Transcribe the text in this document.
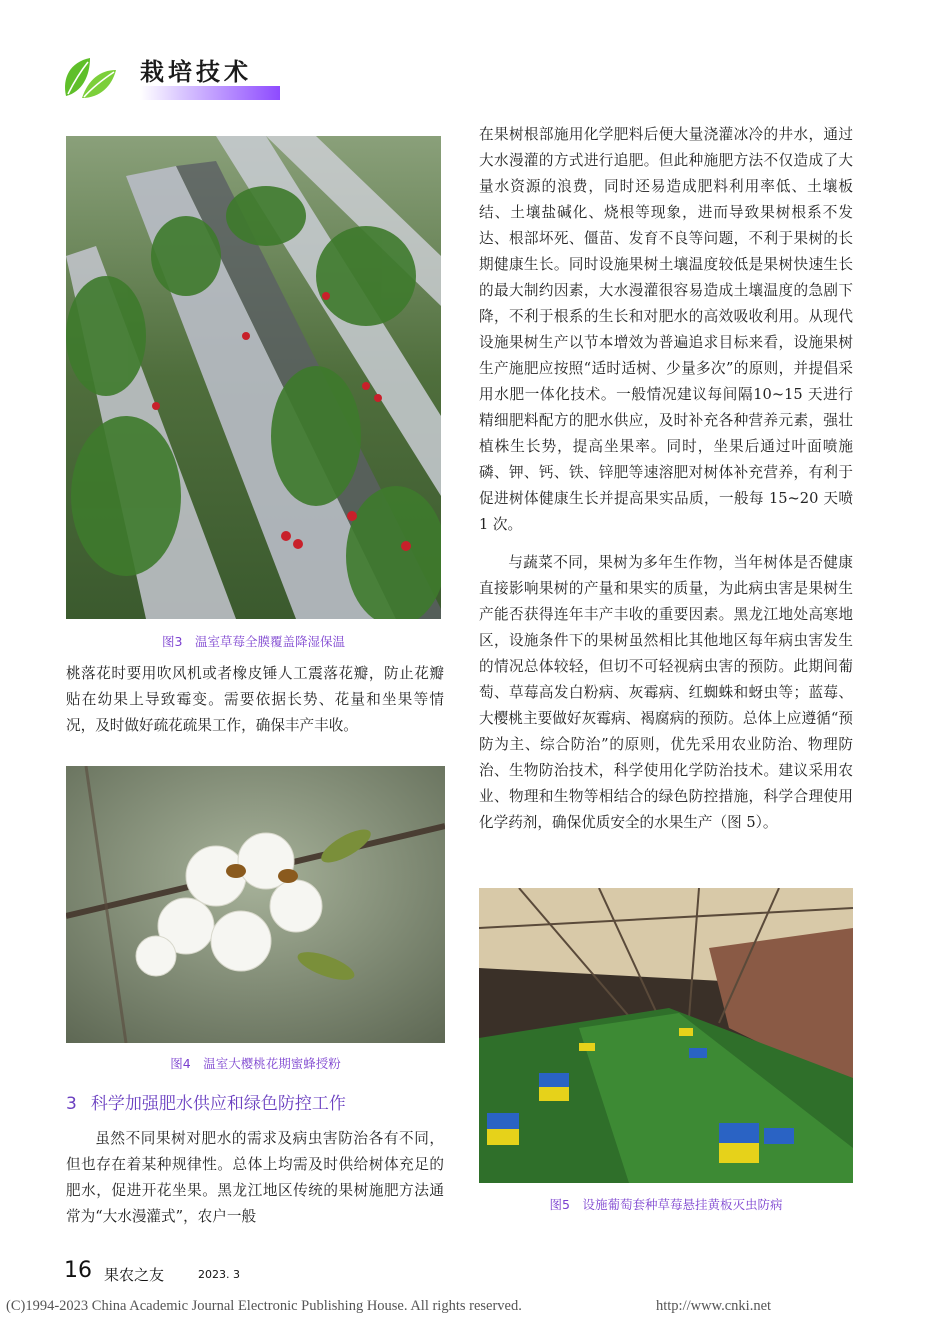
栽培技术
图3　温室草莓全膜覆盖降湿保温

桃落花时要用吹风机或者橡皮锤人工震落花瓣，防止花瓣贴在幼果上导致霉变。需要依据长势、花量和坐果等情况，及时做好疏花疏果工作，确保丰产丰收。

图4　温室大樱桃花期蜜蜂授粉
3 科学加强肥水供应和绿色防控工作

虽然不同果树对肥水的需求及病虫害防治各有不同，但也存在着某种规律性。总体上均需及时供给树体充足的肥水，促进开花坐果。黑龙江地区传统的果树施肥方法通常为“大水漫灌式”，农户一般

在果树根部施用化学肥料后便大量浇灌冰冷的井水，通过大水漫灌的方式进行追肥。但此种施肥方法不仅造成了大量水资源的浪费，同时还易造成肥料利用率低、土壤板结、土壤盐碱化、烧根等现象，进而导致果树根系不发达、根部坏死、僵苗、发育不良等问题，不利于果树的长期健康生长。同时设施果树土壤温度较低是果树快速生长的最大制约因素，大水漫灌很容易造成土壤温度的急剧下降，不利于根系的生长和对肥水的高效吸收利用。从现代设施果树生产以节本增效为普遍追求目标来看，设施果树生产施肥应按照“适时适树、少量多次”的原则，并提倡采用水肥一体化技术。一般情况建议每间隔10~15 天进行精细肥料配方的肥水供应，及时补充各种营养元素，强壮植株生长势，提高坐果率。同时，坐果后通过叶面喷施磷、钾、钙、铁、锌肥等速溶肥对树体补充营养，有利于促进树体健康生长并提高果实品质，一般每 15~20 天喷 1 次。

与蔬菜不同，果树为多年生作物，当年树体是否健康直接影响果树的产量和果实的质量，为此病虫害是果树生产能否获得连年丰产丰收的重要因素。黑龙江地处高寒地区，设施条件下的果树虽然相比其他地区每年病虫害发生的情况总体较轻，但切不可轻视病虫害的预防。此期间葡萄、草莓高发白粉病、灰霉病、红蜘蛛和蚜虫等；蓝莓、大樱桃主要做好灰霉病、褐腐病的预防。总体上应遵循“预防为主、综合防治”的原则，优先采用农业防治、物理防治、生物防治技术，科学使用化学防治技术。建议采用农业、物理和生物等相结合的绿色防控措施，科学合理使用化学药剂，确保优质安全的水果生产（图 5）。

图5　设施葡萄套种草莓悬挂黄板灭虫防病
16 果农之友	2023. 3
(C)1994-2023 China Academic Journal Electronic Publishing House. All rights reserved.	http://www.cnki.net
